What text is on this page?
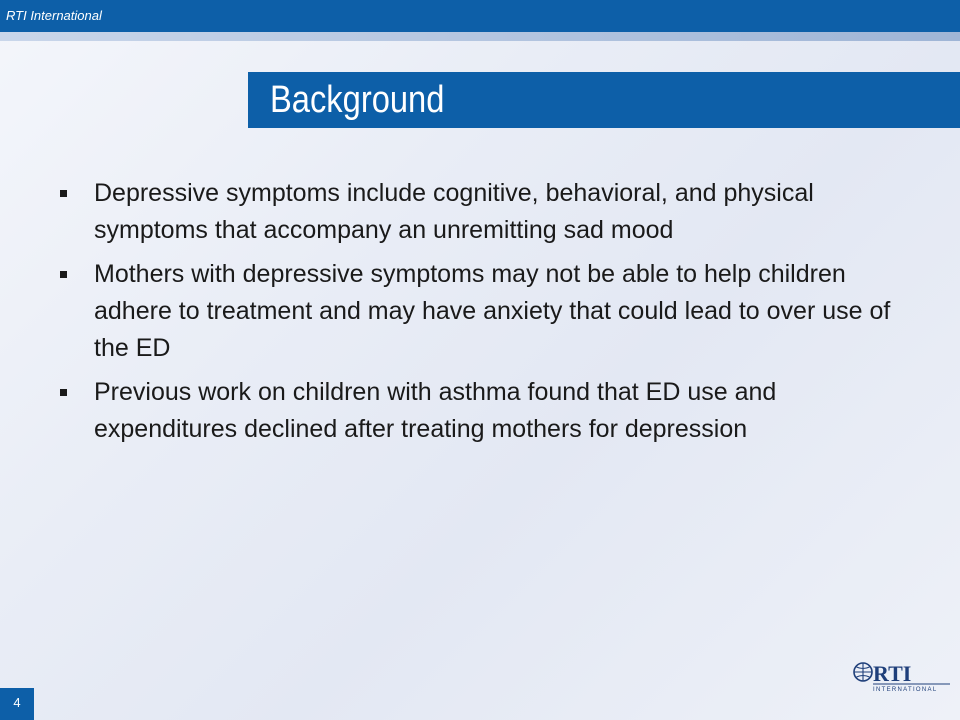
RTI International
Background
Depressive symptoms include cognitive, behavioral, and physical symptoms that accompany an unremitting sad mood
Mothers with depressive symptoms may not be able to help children adhere to treatment and may have anxiety that could lead to over use of the ED
Previous work on children with asthma found that ED use and expenditures declined after treating mothers for depression
4
RTI
INTERNATIONAL
